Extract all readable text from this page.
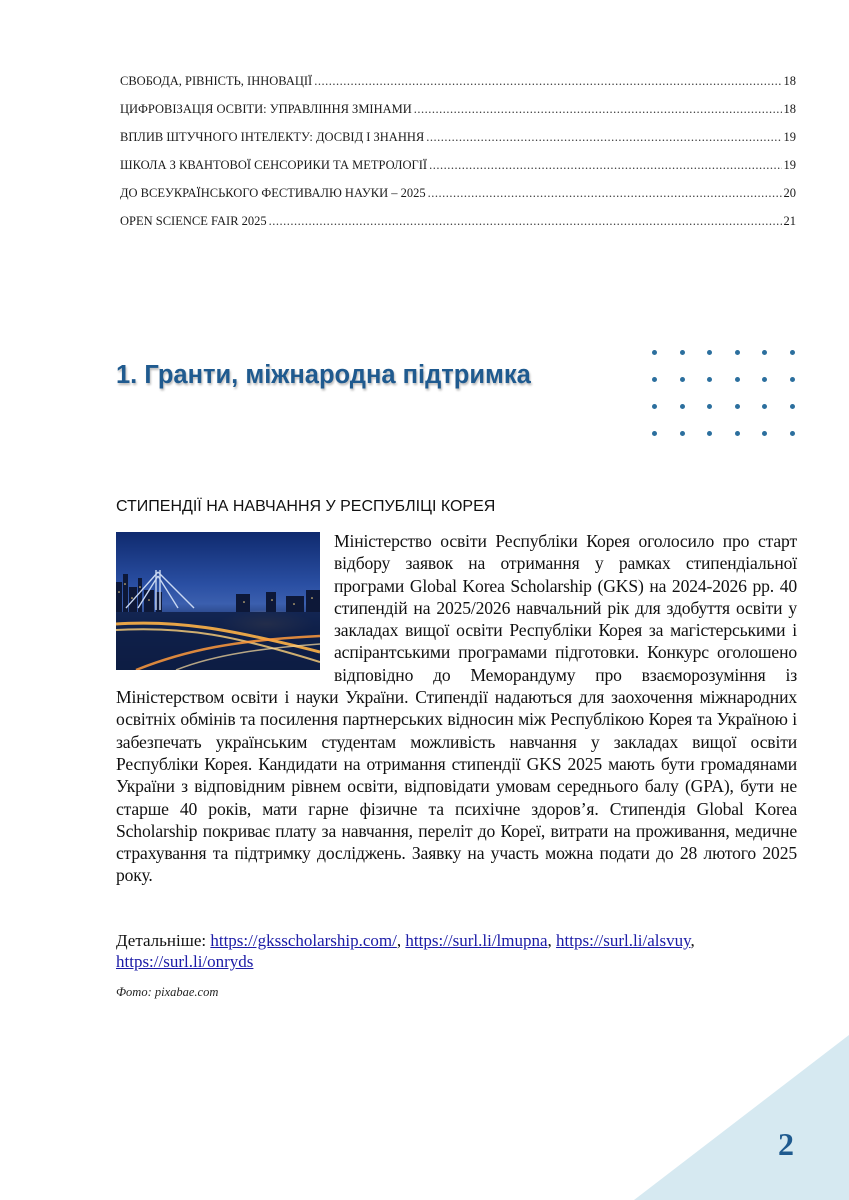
СВОБОДА, РІВНІСТЬ, ІННОВАЦІЇ .....	18
ЦИФРОВІЗАЦІЯ ОСВІТИ: УПРАВЛІННЯ ЗМІНАМИ .....	18
ВПЛИВ ШТУЧНОГО ІНТЕЛЕКТУ: ДОСВІД І ЗНАННЯ .....	19
ШКОЛА З КВАНТОВОЇ СЕНСОРИКИ ТА МЕТРОЛОГІЇ .....	19
ДО ВСЕУКРАЇНСЬКОГО ФЕСТИВАЛЮ НАУКИ – 2025 .....	20
OPEN SCIENCE FAIR 2025 .....	21
1. Гранти, міжнародна підтримка
СТИПЕНДІЇ НА НАВЧАННЯ У РЕСПУБЛІЦІ КОРЕЯ
Міністерство освіти Республіки Корея оголосило про старт відбору заявок на отримання у рамках стипендіальної програми Global Korea Scholarship (GKS) на 2024-2026 рр. 40 стипендій на 2025/2026 навчальний рік для здобуття освіти у закладах вищої освіти Республіки Корея за магістерськими і аспірантськими програмами підготовки. Конкурс оголошено відповідно до Меморандуму про взаєморозуміння із Міністерством освіти і науки України. Стипендії надаються для заохочення міжнародних освітніх обмінів та посилення партнерських відносин між Республікою Корея та Україною і забезпечать українським студентам можливість навчання у закладах вищої освіти Республіки Корея. Кандидати на отримання стипендії GKS 2025 мають бути громадянами України з відповідним рівнем освіти, відповідати умовам середнього балу (GPA), бути не старше 40 років, мати гарне фізичне та психічне здоров’я. Стипендія Global Korea Scholarship покриває плату за навчання, переліт до Кореї, витрати на проживання, медичне страхування та підтримку досліджень. Заявку на участь можна подати до 28 лютого 2025 року.

Детальніше: https://gksscholarship.com/, https://surl.li/lmupna, https://surl.li/alsvuy, https://surl.li/onryds

Фото: pixabae.com

2
